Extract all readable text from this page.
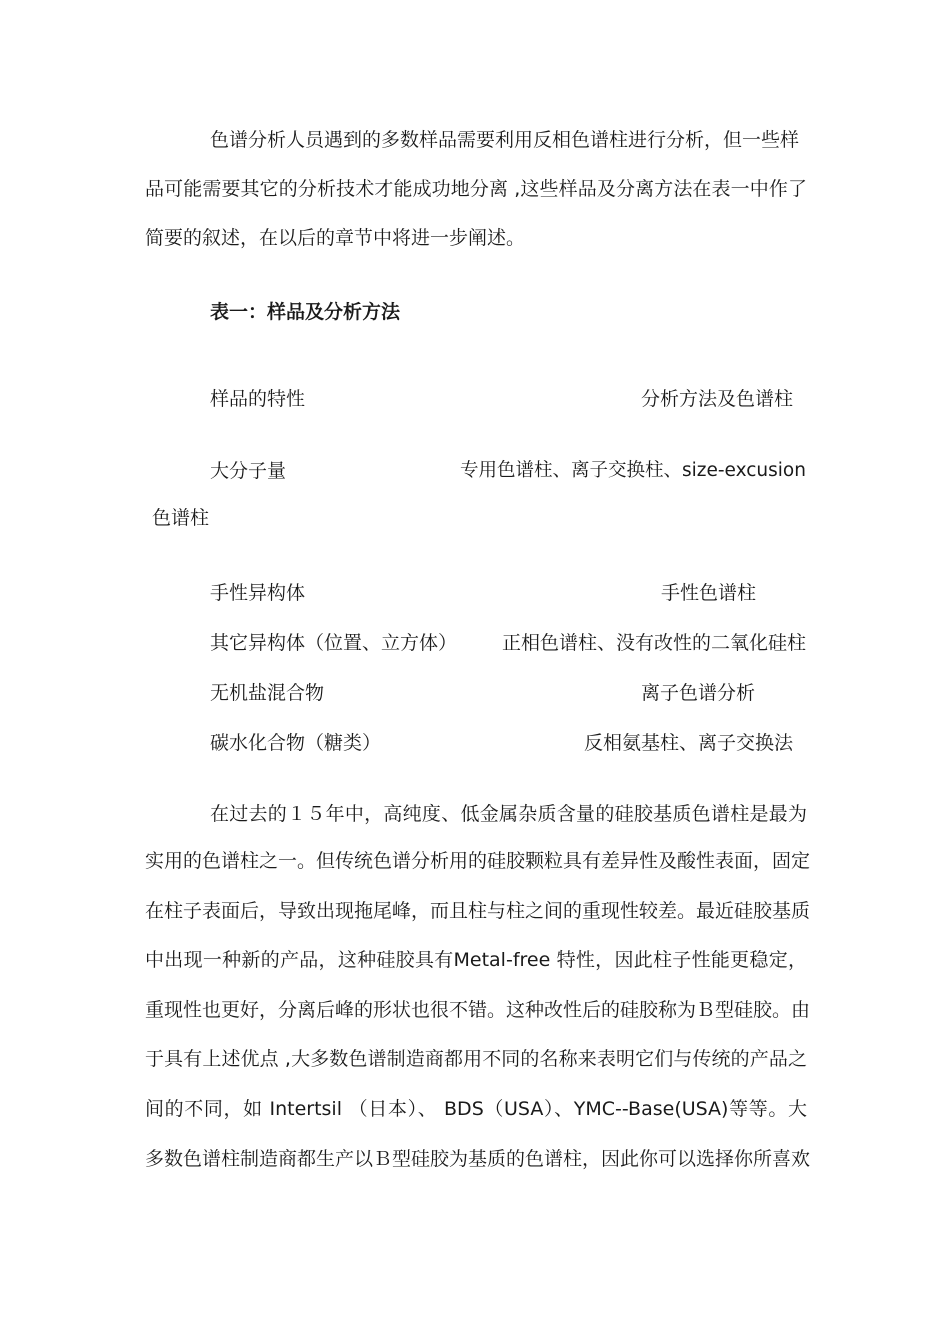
色谱分析人员遇到的多数样品需要利用反相色谱柱进行分析，但一些样
品可能需要其它的分析技术才能成功地分离 ,这些样品及分离方法在表一中作了
简要的叙述，在以后的章节中将进一步阐述。
表一：样品及分析方法
样品的特性	分析方法及色谱柱
大分子量	专用色谱柱、离子交换柱、size-excusion
色谱柱
手性异构体	手性色谱柱
其它异构体（位置、立方体） 正相色谱柱、没有改性的二氧化硅柱
无机盐混合物	离子色谱分析
碳水化合物（糖类）	反相氨基柱、离子交换法
在过去的１５年中，高纯度、低金属杂质含量的硅胶基质色谱柱是最为
实用的色谱柱之一。但传统色谱分析用的硅胶颗粒具有差异性及酸性表面，固定
在柱子表面后，导致出现拖尾峰，而且柱与柱之间的重现性较差。最近硅胶基质
中出现一种新的产品，这种硅胶具有Metal-free 特性，因此柱子性能更稳定，
重现性也更好，分离后峰的形状也很不错。这种改性后的硅胶称为Ｂ型硅胶。由
于具有上述优点 ,大多数色谱制造商都用不同的名称来表明它们与传统的产品之
间的不同，如 Intertsil （日本）、 BDS（USA）、YMC--Base(USA)等等。大
多数色谱柱制造商都生产以Ｂ型硅胶为基质的色谱柱，因此你可以选择你所喜欢
